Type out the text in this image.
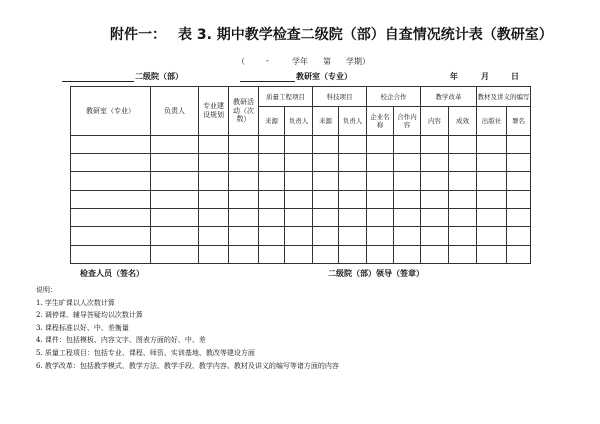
附件一： 表 3. 期中教学检查二级院（部）自查情况统计表（教研室）
（	-	学年 第 学期）
二级院（部）	教研室（专业）	年	月	日
教研室（专业）	负责人	专业建设规划	教研活动（次数）	质量工程项目		科技项目		校企合作		教学改革		教材及讲义的编写	
				来源	负责人	来源	负责人	企业名称	合作内容	内容	成效	出版社	署名

检查人员（签名）	二级院（部）领导（签章）
说明：
1. 学生旷课以人次数计算
2. 调停课、辅导答疑均以次数计算
3. 课程标准以好、中、差衡量
4. 课件：包括模板、内容文字、图表方面的好、中、差
5. 质量工程项目：包括专业、课程、师资、实训基地、教改等建设方面
6. 教学改革：包括教学模式、教学方法、教学手段、教学内容、教材及讲义的编写等诸方面的内容
